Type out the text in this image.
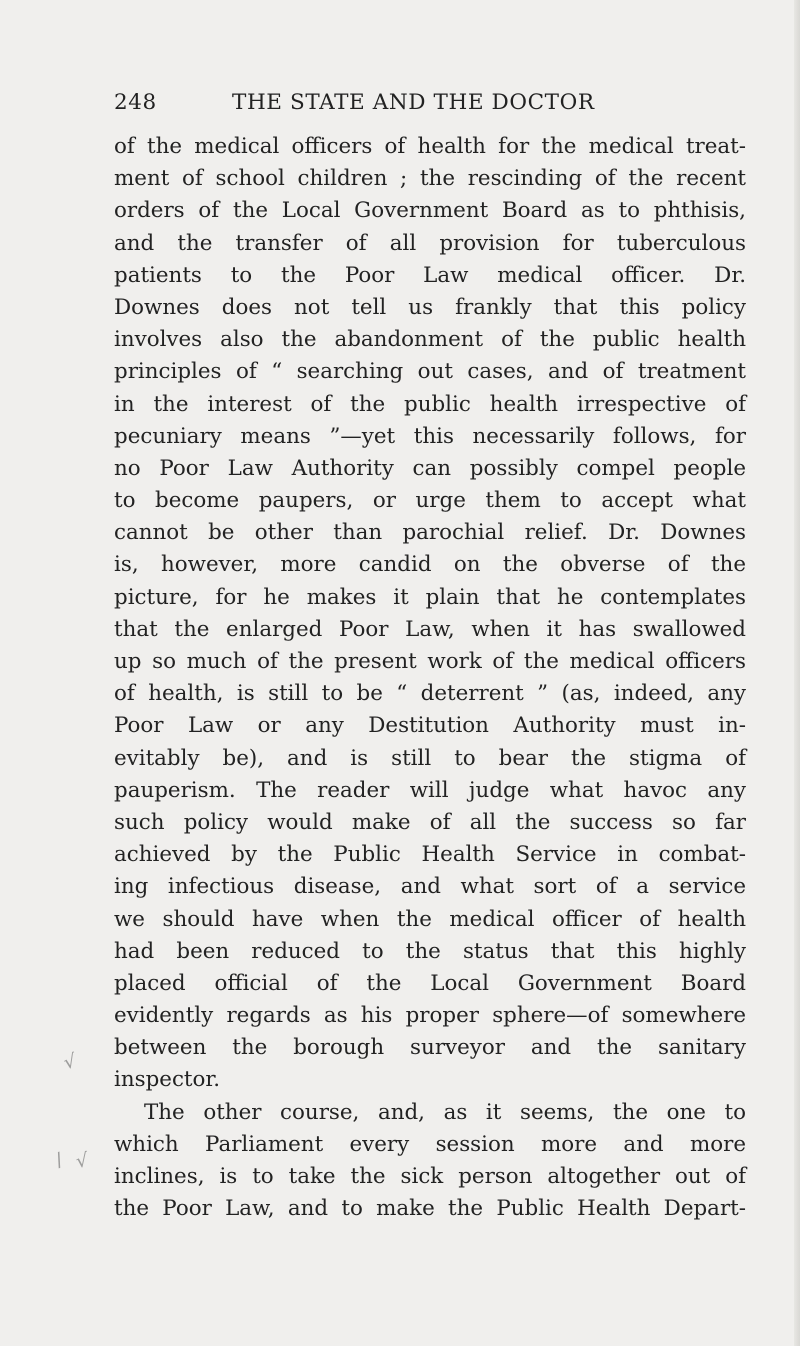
248	THE STATE AND THE DOCTOR
of the medical officers of health for the medical treat-
ment of school children ; the rescinding of the recent
orders of the Local Government Board as to phthisis,
and the transfer of all provision for tuberculous
patients to the Poor Law medical officer. Dr.
Downes does not tell us frankly that this policy
involves also the abandonment of the public health
principles of “ searching out cases, and of treatment
in the interest of the public health irrespective of
pecuniary means ”—yet this necessarily follows, for
no Poor Law Authority can possibly compel people
to become paupers, or urge them to accept what
cannot be other than parochial relief. Dr. Downes
is, however, more candid on the obverse of the
picture, for he makes it plain that he contemplates
that the enlarged Poor Law, when it has swallowed
up so much of the present work of the medical officers
of health, is still to be “ deterrent ” (as, indeed, any
Poor Law or any Destitution Authority must in-
evitably be), and is still to bear the stigma of
pauperism. The reader will judge what havoc any
such policy would make of all the success so far
achieved by the Public Health Service in combat-
ing infectious disease, and what sort of a service
we should have when the medical officer of health
had been reduced to the status that this highly
placed official of the Local Government Board
evidently regards as his proper sphere—of somewhere
between the borough surveyor and the sanitary
inspector.
The other course, and, as it seems, the one to
which Parliament every session more and more
inclines, is to take the sick person altogether out of
the Poor Law, and to make the Public Health Depart-
√
/ √
